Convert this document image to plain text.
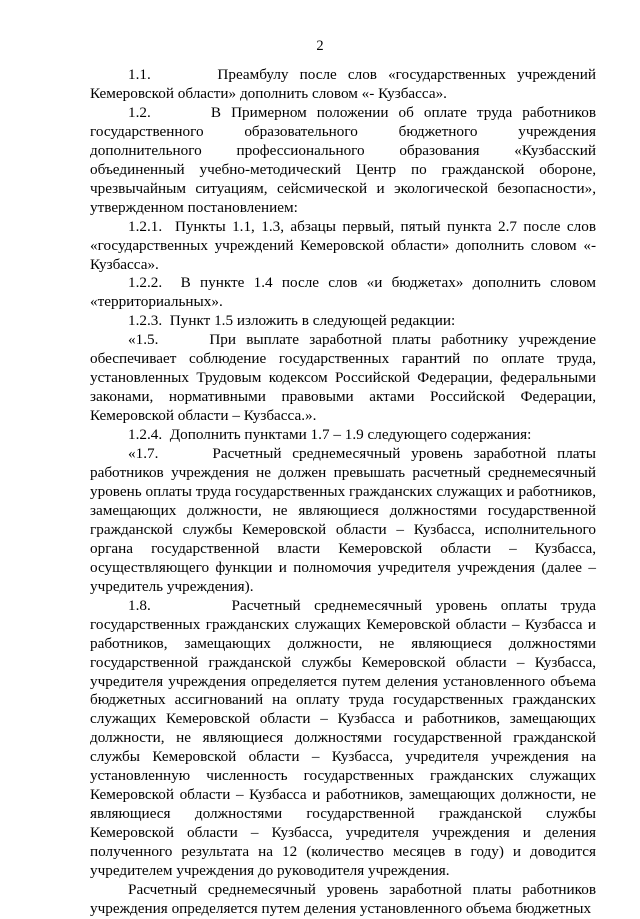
2

1.1.      Преамбулу после слов «государственных учреждений Кемеровской области» дополнить словом «- Кузбасса».

1.2.      В Примерном положении об оплате труда работников государственного образовательного бюджетного учреждения дополнительного профессионального образования «Кузбасский объединенный учебно-методический Центр по гражданской обороне, чрезвычайным ситуациям, сейсмической и экологической безопасности», утвержденном постановлением:

1.2.1.  Пункты 1.1, 1.3, абзацы первый, пятый пункта 2.7 после слов «государственных учреждений Кемеровской области» дополнить словом «- Кузбасса».

1.2.2.  В пункте 1.4 после слов «и бюджетах» дополнить словом «территориальных».

1.2.3.  Пункт 1.5 изложить в следующей редакции:

«1.5.     При выплате заработной платы работнику учреждение обеспечивает соблюдение государственных гарантий по оплате труда, установленных Трудовым кодексом Российской Федерации, федеральными законами, нормативными правовыми актами Российской Федерации, Кемеровской области – Кузбасса.».

1.2.4.  Дополнить пунктами 1.7 – 1.9 следующего содержания:

«1.7.     Расчетный среднемесячный уровень заработной платы работников учреждения не должен превышать расчетный среднемесячный уровень оплаты труда государственных гражданских служащих и работников, замещающих должности, не являющиеся должностями государственной гражданской службы Кемеровской области – Кузбасса, исполнительного органа государственной власти Кемеровской области – Кузбасса, осуществляющего функции и полномочия учредителя учреждения (далее – учредитель учреждения).

1.8.      Расчетный среднемесячный уровень оплаты труда государственных гражданских служащих Кемеровской области – Кузбасса и работников, замещающих должности, не являющиеся должностями государственной гражданской службы Кемеровской области – Кузбасса, учредителя учреждения определяется путем деления установленного объема бюджетных ассигнований на оплату труда государственных гражданских служащих Кемеровской области – Кузбасса и работников, замещающих должности, не являющиеся должностями государственной гражданской службы Кемеровской области – Кузбасса, учредителя учреждения на установленную численность государственных гражданских служащих Кемеровской области – Кузбасса и работников, замещающих должности, не являющиеся должностями государственной гражданской службы Кемеровской области – Кузбасса, учредителя учреждения и деления полученного результата на 12 (количество месяцев в году) и доводится учредителем учреждения до руководителя учреждения.

Расчетный среднемесячный уровень заработной платы работников учреждения определяется путем деления установленного объема бюджетных
